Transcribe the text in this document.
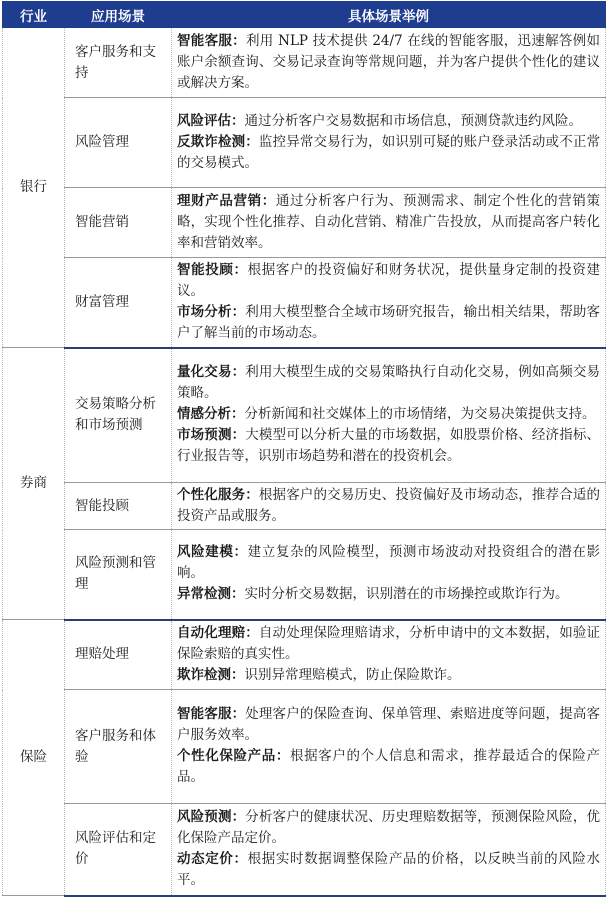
行业	应用场景	具体场景举例
银行	客户服务和支持	智能客服：利用 NLP 技术提供 24/7 在线的智能客服，迅速解答例如账户余额查询、交易记录查询等常规问题，并为客户提供个性化的建议或解决方案。

	风险管理	风险评估：通过分析客户交易数据和市场信息，预测贷款违约风险。

反欺诈检测：监控异常交易行为，如识别可疑的账户登录活动或不正常的交易模式。

	智能营销	理财产品营销：通过分析客户行为、预测需求、制定个性化的营销策略，实现个性化推荐、自动化营销、精准广告投放，从而提高客户转化率和营销效率。

	财富管理	智能投顾：根据客户的投资偏好和财务状况，提供量身定制的投资建议。

市场分析：利用大模型整合全域市场研究报告，输出相关结果，帮助客户了解当前的市场动态。

券商	交易策略分析和市场预测	量化交易：利用大模型生成的交易策略执行自动化交易，例如高频交易策略。

情感分析：分析新闻和社交媒体上的市场情绪，为交易决策提供支持。

市场预测：大模型可以分析大量的市场数据，如股票价格、经济指标、行业报告等，识别市场趋势和潜在的投资机会。

	智能投顾	个性化服务：根据客户的交易历史、投资偏好及市场动态，推荐合适的投资产品或服务。

	风险预测和管理	风险建模：建立复杂的风险模型，预测市场波动对投资组合的潜在影响。

异常检测：实时分析交易数据，识别潜在的市场操控或欺诈行为。

保险	理赔处理	自动化理赔：自动处理保险理赔请求，分析申请中的文本数据，如验证保险索赔的真实性。

欺诈检测：识别异常理赔模式，防止保险欺诈。

	客户服务和体验	智能客服：处理客户的保险查询、保单管理、索赔进度等问题，提高客户服务效率。

个性化保险产品：根据客户的个人信息和需求，推荐最适合的保险产品。

	风险评估和定价	风险预测：分析客户的健康状况、历史理赔数据等，预测保险风险，优化保险产品定价。

动态定价：根据实时数据调整保险产品的价格，以反映当前的风险水平。
